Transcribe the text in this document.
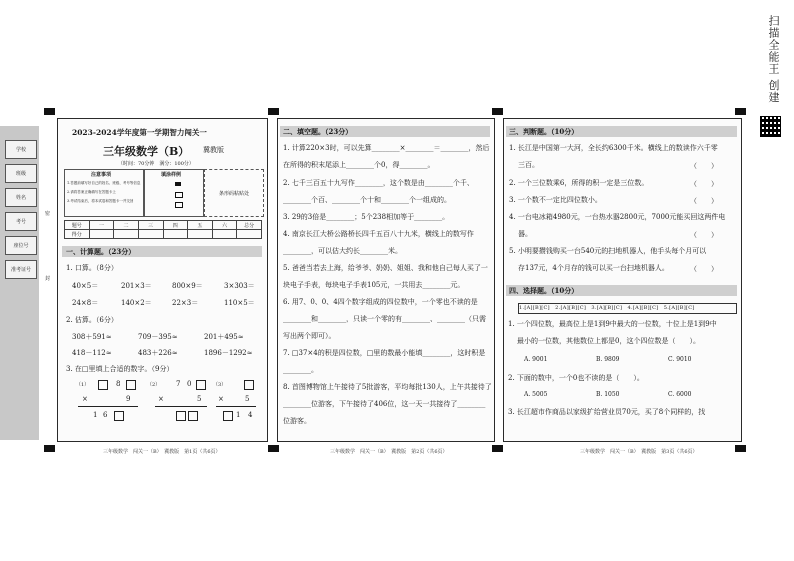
扫描全能王 创建
学校
班级
姓名
考号
座位号
准考证号
密
封
2023-2024学年度第一学期智力闯关一
三年级数学（B） 冀教版
（时间：70分钟　满分：100分）
注意事项
1.答题前填写好自己的姓名、班级、考号等信息
2.请将答案正确填写在答题卡上
3.考试结束后，将本试卷和答题卡一并交回
填涂样例
条形码粘贴处
题号	一	二	三	四	五	六	总分
得分							
一、计算题。（23分）
1. 口算。（8分）
40×5＝	201×3＝	800×9＝	3×303＝
24×8＝	140×2＝	22×3＝	110×5＝
2. 估算。（6分）
308＋591≈	709－395≈	201＋495≈
418－112≈	483＋226≈	1896－1292≈
3. 在□里填上合适的数字。（9分）
（1）	8	（2） 7 0	（3）
×	9	×	5 ×	5
1 6	1 4
三年级数学　闯关一（B）　冀教版　第1页（共6页）
二、填空题。（23分）
1. 计算220×3时，可以先算________×________＝________，然后
在所得的积末尾添上________个0，得________。
2. 七千三百五十九写作________，这个数是由________个千、
________个百、________个十和________个一组成的。
3. 29的3倍是________；5个238相加等于________。
4. 南京长江大桥公路桥长四千五百八十九米，横线上的数写作
________，可以估大约长________米。
5. 爸爸当若去上海，给爷爷、奶奶、姐姐、我和他自己每人买了一
块电子手表，每块电子手表105元，一共用去________元。
6. 用7、0、0、4四个数字组成的四位数中，一个零也不读的是
________和________，只读一个零的有________、________（只需
写出两个即可）。
7. □37×4的积是四位数，□里的数最小能填________，这时积是
________。
8. 首图博物馆上午接待了5批游客，平均每批130人，上午共接待了
________位游客，下午接待了406位，这一天一共接待了________
位游客。
三年级数学　闯关一（B）　冀教版　第2页（共6页）
三、判断题。（10分）
1. 长江是中国第一大河，全长约6300千米。横线上的数读作六千零
三百。	（　　）
2. 一个三位数乘6，所得的积一定是三位数。	（　　）
3. 一个数不一定比四位数小。	（　　）
4. 一台电冰箱4980元，一台热水器2800元，7000元能买回这两件电
器。	（　　）
5. 小明要攒钱购买一台540元的扫地机器人，他手头每个月可以
存137元，4个月存的钱可以买一台扫地机器人。	（　　）
四、选择题。（10分）
1.[A][B][C]　2.[A][B][C]　3.[A][B][C]　4.[A][B][C]　5.[A][B][C]
1. 一个四位数，最高位上是1到9中最大的一位数，十位上是1到9中
最小的一位数，其他数位上都是0，这个四位数是（　　）。
A. 9001	B. 9809	C. 9010
2. 下面的数中，一个0也不读的是（　　）。
A. 5005	B. 1050	C. 6000
3. 长江超市作商品以家级扩给营业员70元，买了8个同样的，找
三年级数学　闯关一（B）　冀教版　第3页（共6页）
